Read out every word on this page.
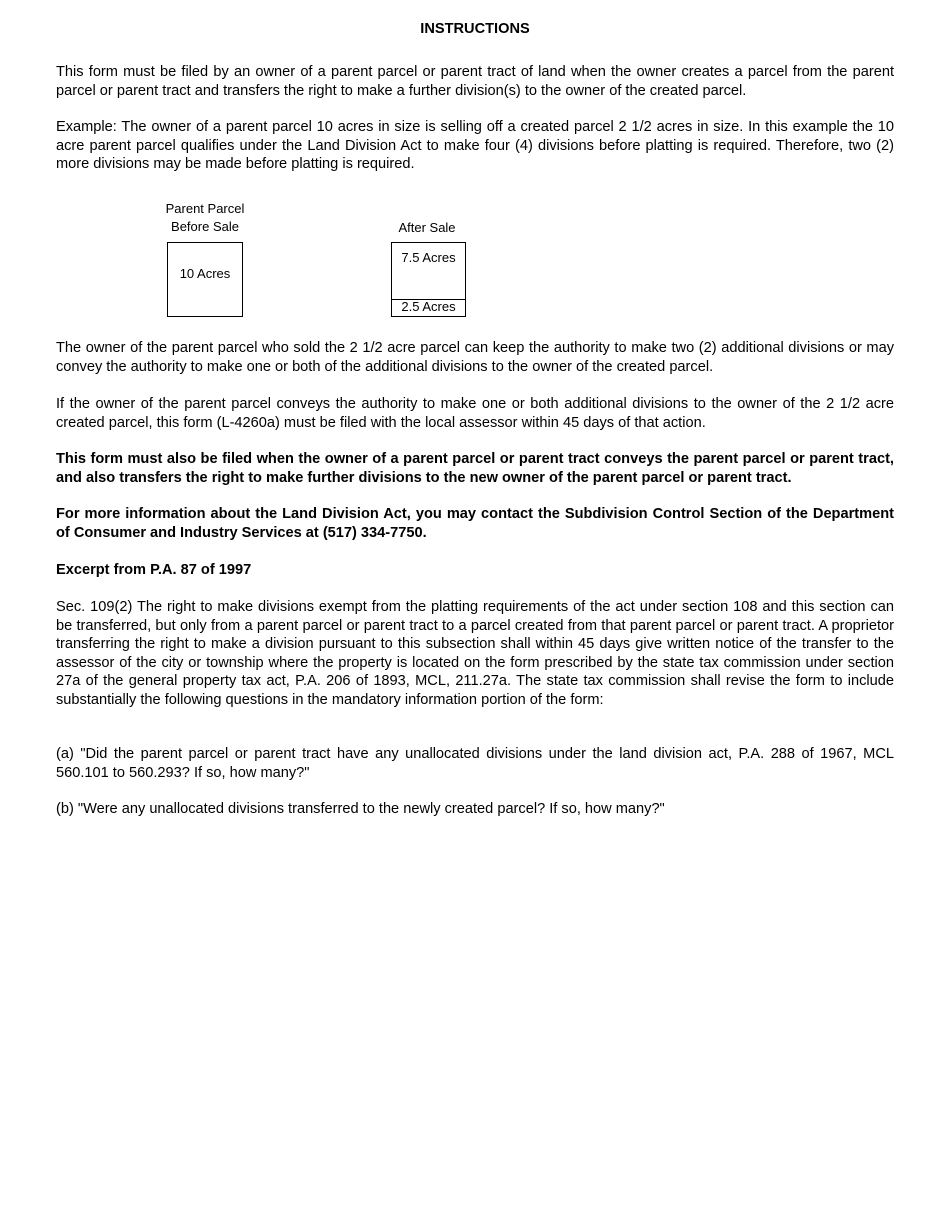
INSTRUCTIONS

This form must be filed by an owner of a parent parcel or parent tract of land when the owner creates a parcel from the parent parcel or parent tract and transfers the right to make a further division(s) to the owner of the created parcel.

Example: The owner of a parent parcel 10 acres in size is selling off a created parcel 2 1/2 acres in size. In this example the 10 acre parent parcel qualifies under the Land Division Act to make four (4) divisions before platting is required. Therefore, two (2) more divisions may be made before platting is required.

Parent Parcel
Before Sale
10 Acres
After Sale
7.5 Acres
2.5 Acres

The owner of the parent parcel who sold the 2 1/2 acre parcel can keep the authority to make two (2) additional divisions or may convey the authority to make one or both of the additional divisions to the owner of the created parcel.

If the owner of the parent parcel conveys the authority to make one or both additional divisions to the owner of the 2 1/2 acre created parcel, this form (L-4260a) must be filed with the local assessor within 45 days of that action.

This form must also be filed when the owner of a parent parcel or parent tract conveys the parent parcel or parent tract, and also transfers the right to make further divisions to the new owner of the parent parcel or parent tract.

For more information about the Land Division Act, you may contact the Subdivision Control Section of the Department of Consumer and Industry Services at (517) 334-7750.

Excerpt from P.A. 87 of 1997

Sec. 109(2) The right to make divisions exempt from the platting requirements of the act under section 108 and this section can be transferred, but only from a parent parcel or parent tract to a parcel created from that parent parcel or parent tract. A proprietor transferring the right to make a division pursuant to this subsection shall within 45 days give written notice of the transfer to the assessor of the city or township where the property is located on the form prescribed by the state tax commission under section 27a of the general property tax act, P.A. 206 of 1893, MCL, 211.27a. The state tax commission shall revise the form to include substantially the following questions in the mandatory information portion of the form:

(a) "Did the parent parcel or parent tract have any unallocated divisions under the land division act, P.A. 288 of 1967, MCL 560.101 to 560.293? If so, how many?"

(b) "Were any unallocated divisions transferred to the newly created parcel? If so, how many?"
